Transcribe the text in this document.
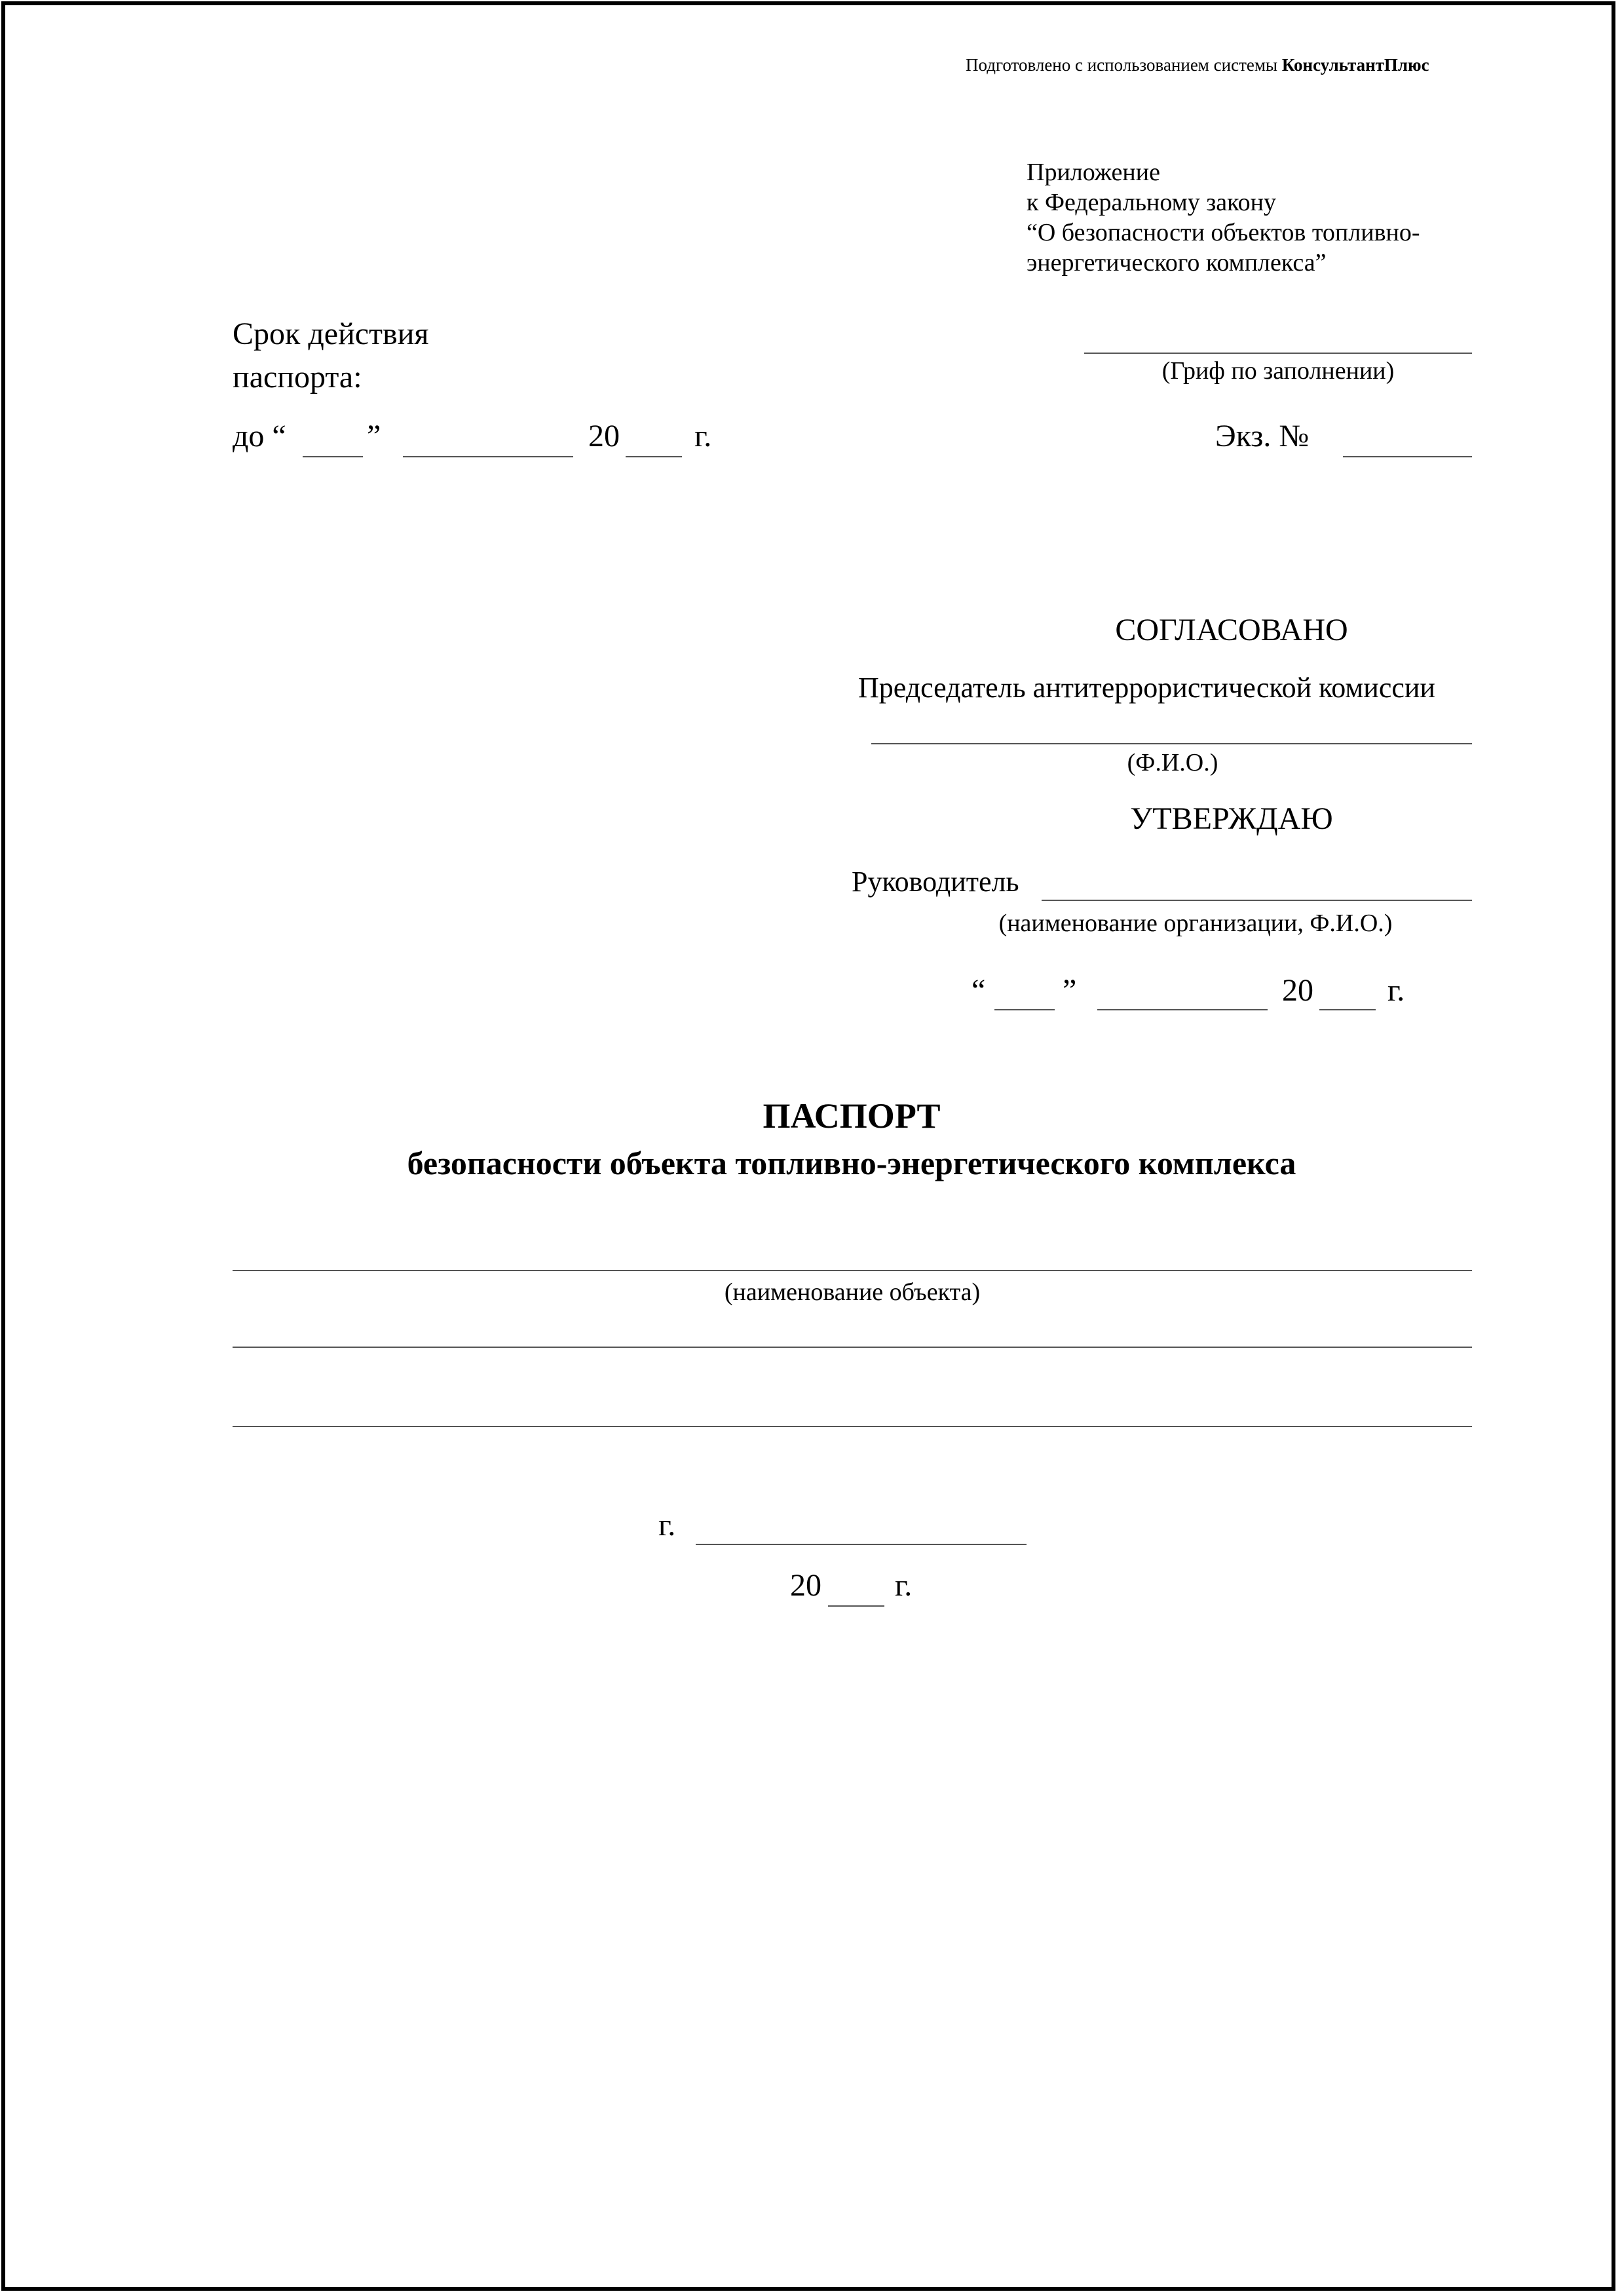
Подготовлено с использованием системы КонсультантПлюс
Приложение
к Федеральному закону
“О безопасности объектов топливно-
энергетического комплекса”
Срок действия
паспорта:
до “	”	20 г.
(Гриф по заполнении)
Экз. №
СОГЛАСОВАНО
Председатель антитеррористической комиссии
(Ф.И.О.)
УТВЕРЖДАЮ
Руководитель
(наименование организации, Ф.И.О.)
“ ”	20 г.
ПАСПОРТ
безопасности объекта топливно-энергетического комплекса
(наименование объекта)
г.
20 г.
